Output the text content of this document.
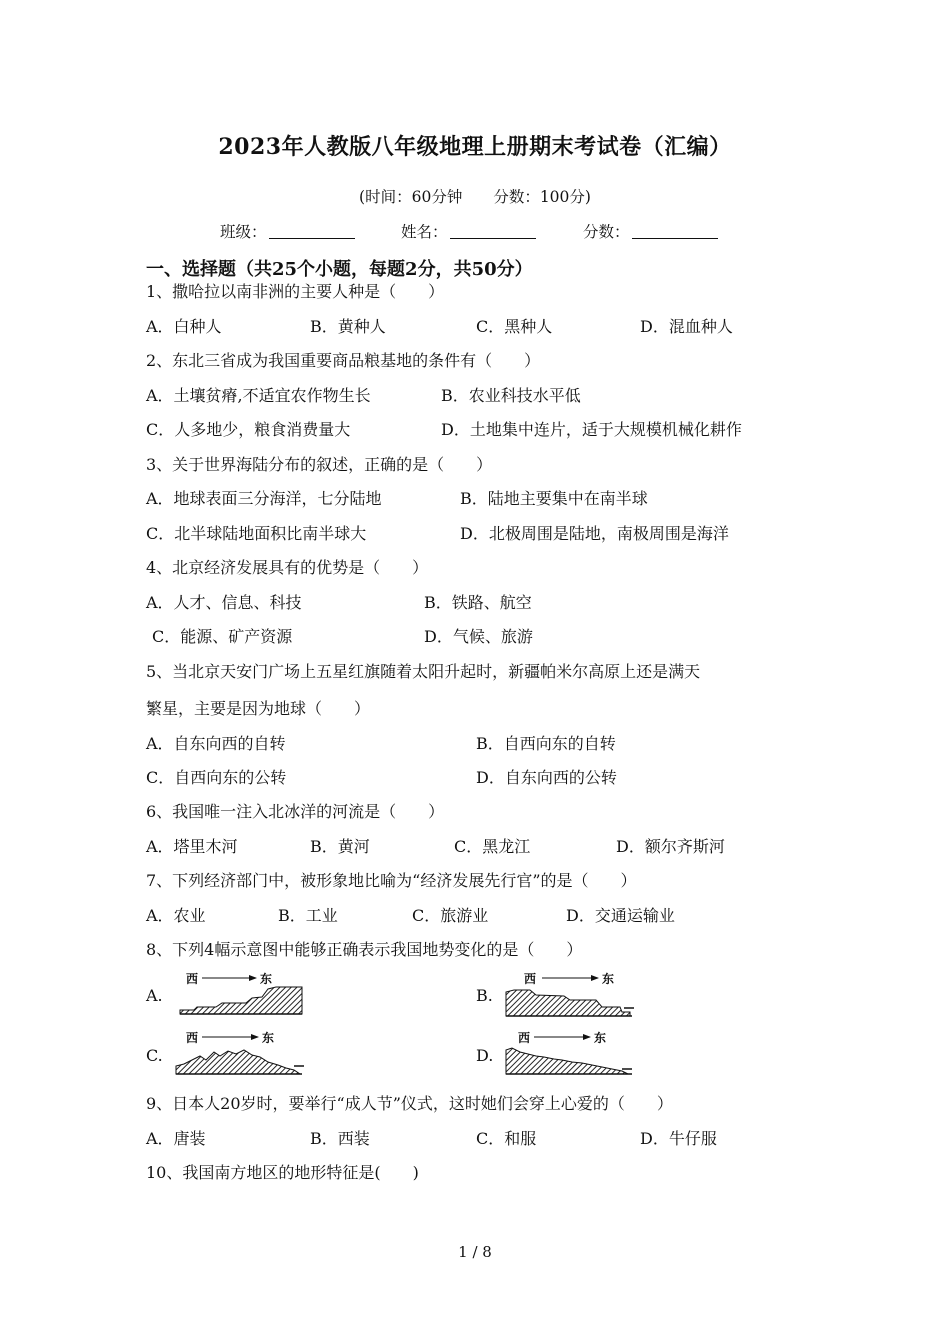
2023年人教版八年级地理上册期末考试卷（汇编）
(时间：60分钟　　分数：100分)
班级：	姓名：	分数：
一、选择题（共25个小题，每题2分，共50分）
1、撒哈拉以南非洲的主要人种是（　　）
A．白种人	B．黄种人	C．黑种人	D．混血种人
2、东北三省成为我国重要商品粮基地的条件有（　　）
A．土壤贫瘠,不适宜农作物生长	B．农业科技水平低
C．人多地少，粮食消费量大	D．土地集中连片，适于大规模机械化耕作
3、关于世界海陆分布的叙述，正确的是（　　）
A．地球表面三分海洋，七分陆地	B．陆地主要集中在南半球
C．北半球陆地面积比南半球大	D．北极周围是陆地，南极周围是海洋
4、北京经济发展具有的优势是（　　）
A．人才、信息、科技	B．铁路、航空
C．能源、矿产资源	D．气候、旅游
5、当北京天安门广场上五星红旗随着太阳升起时，新疆帕米尔高原上还是满天
繁星，主要是因为地球（　　）
A．自东向西的自转	B．自西向东的自转
C．自西向东的公转	D．自东向西的公转
6、我国唯一注入北冰洋的河流是（　　）
A．塔里木河	B．黄河	C．黑龙江	D．额尔齐斯河
7、下列经济部门中，被形象地比喻为“经济发展先行官”的是（　　）
A．农业	B．工业	C．旅游业	D．交通运输业
8、下列4幅示意图中能够正确表示我国地势变化的是（　　）
A.	B.
C.	D.
西	东	西	东
西	东	西	东
9、日本人20岁时，要举行“成人节”仪式，这时她们会穿上心爱的（　　）
A．唐装	B．西装	C．和服	D．牛仔服
10、我国南方地区的地形特征是(　　)
1 / 8
